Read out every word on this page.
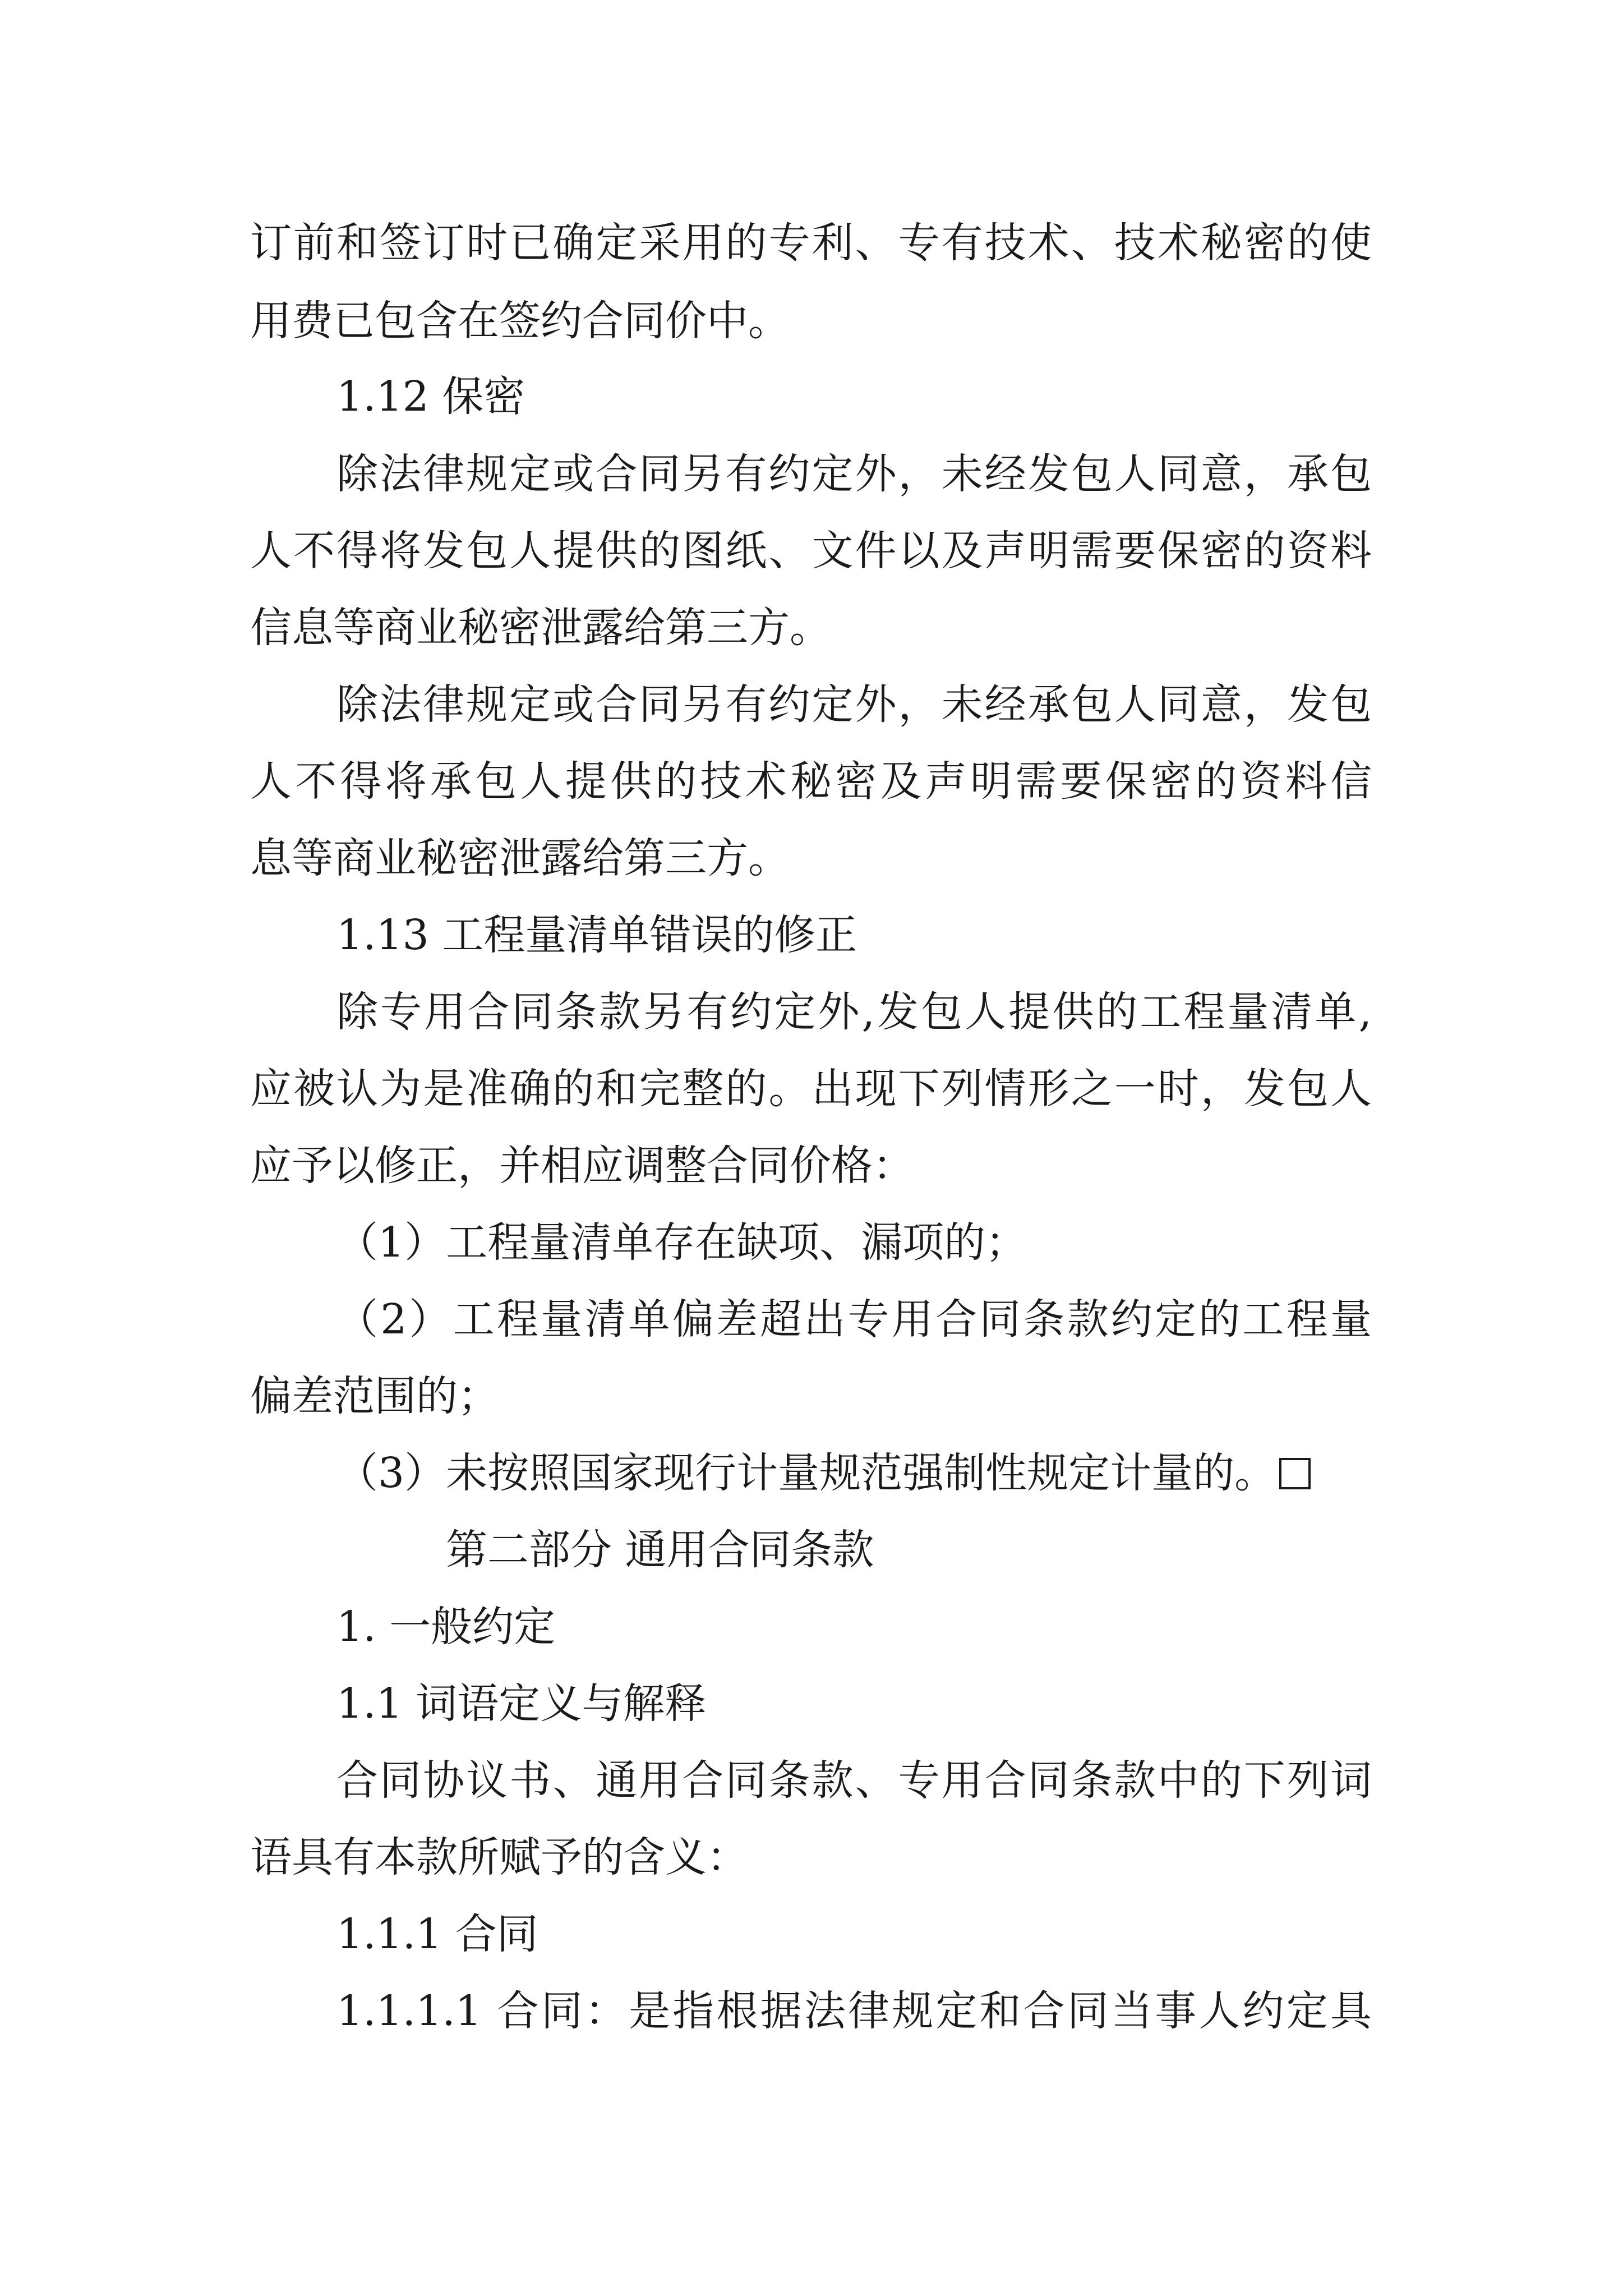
订前和签订时已确定采用的专利、专有技术、技术秘密的使
用费已包含在签约合同价中。
1.12 保密
除法律规定或合同另有约定外，未经发包人同意，承包
人不得将发包人提供的图纸、文件以及声明需要保密的资料
信息等商业秘密泄露给第三方。
除法律规定或合同另有约定外，未经承包人同意，发包
人不得将承包人提供的技术秘密及声明需要保密的资料信
息等商业秘密泄露给第三方。
1.13 工程量清单错误的修正
除专用合同条款另有约定外,发包人提供的工程量清单,
应被认为是准确的和完整的。出现下列情形之一时，发包人
应予以修正，并相应调整合同价格：
（1）工程量清单存在缺项、漏项的；
（2）工程量清单偏差超出专用合同条款约定的工程量
偏差范围的；
（3）未按照国家现行计量规范强制性规定计量的。
第二部分 通用合同条款
1. 一般约定
1.1 词语定义与解释
合同协议书、通用合同条款、专用合同条款中的下列词
语具有本款所赋予的含义：
1.1.1 合同
1.1.1.1 合同：是指根据法律规定和合同当事人约定具
